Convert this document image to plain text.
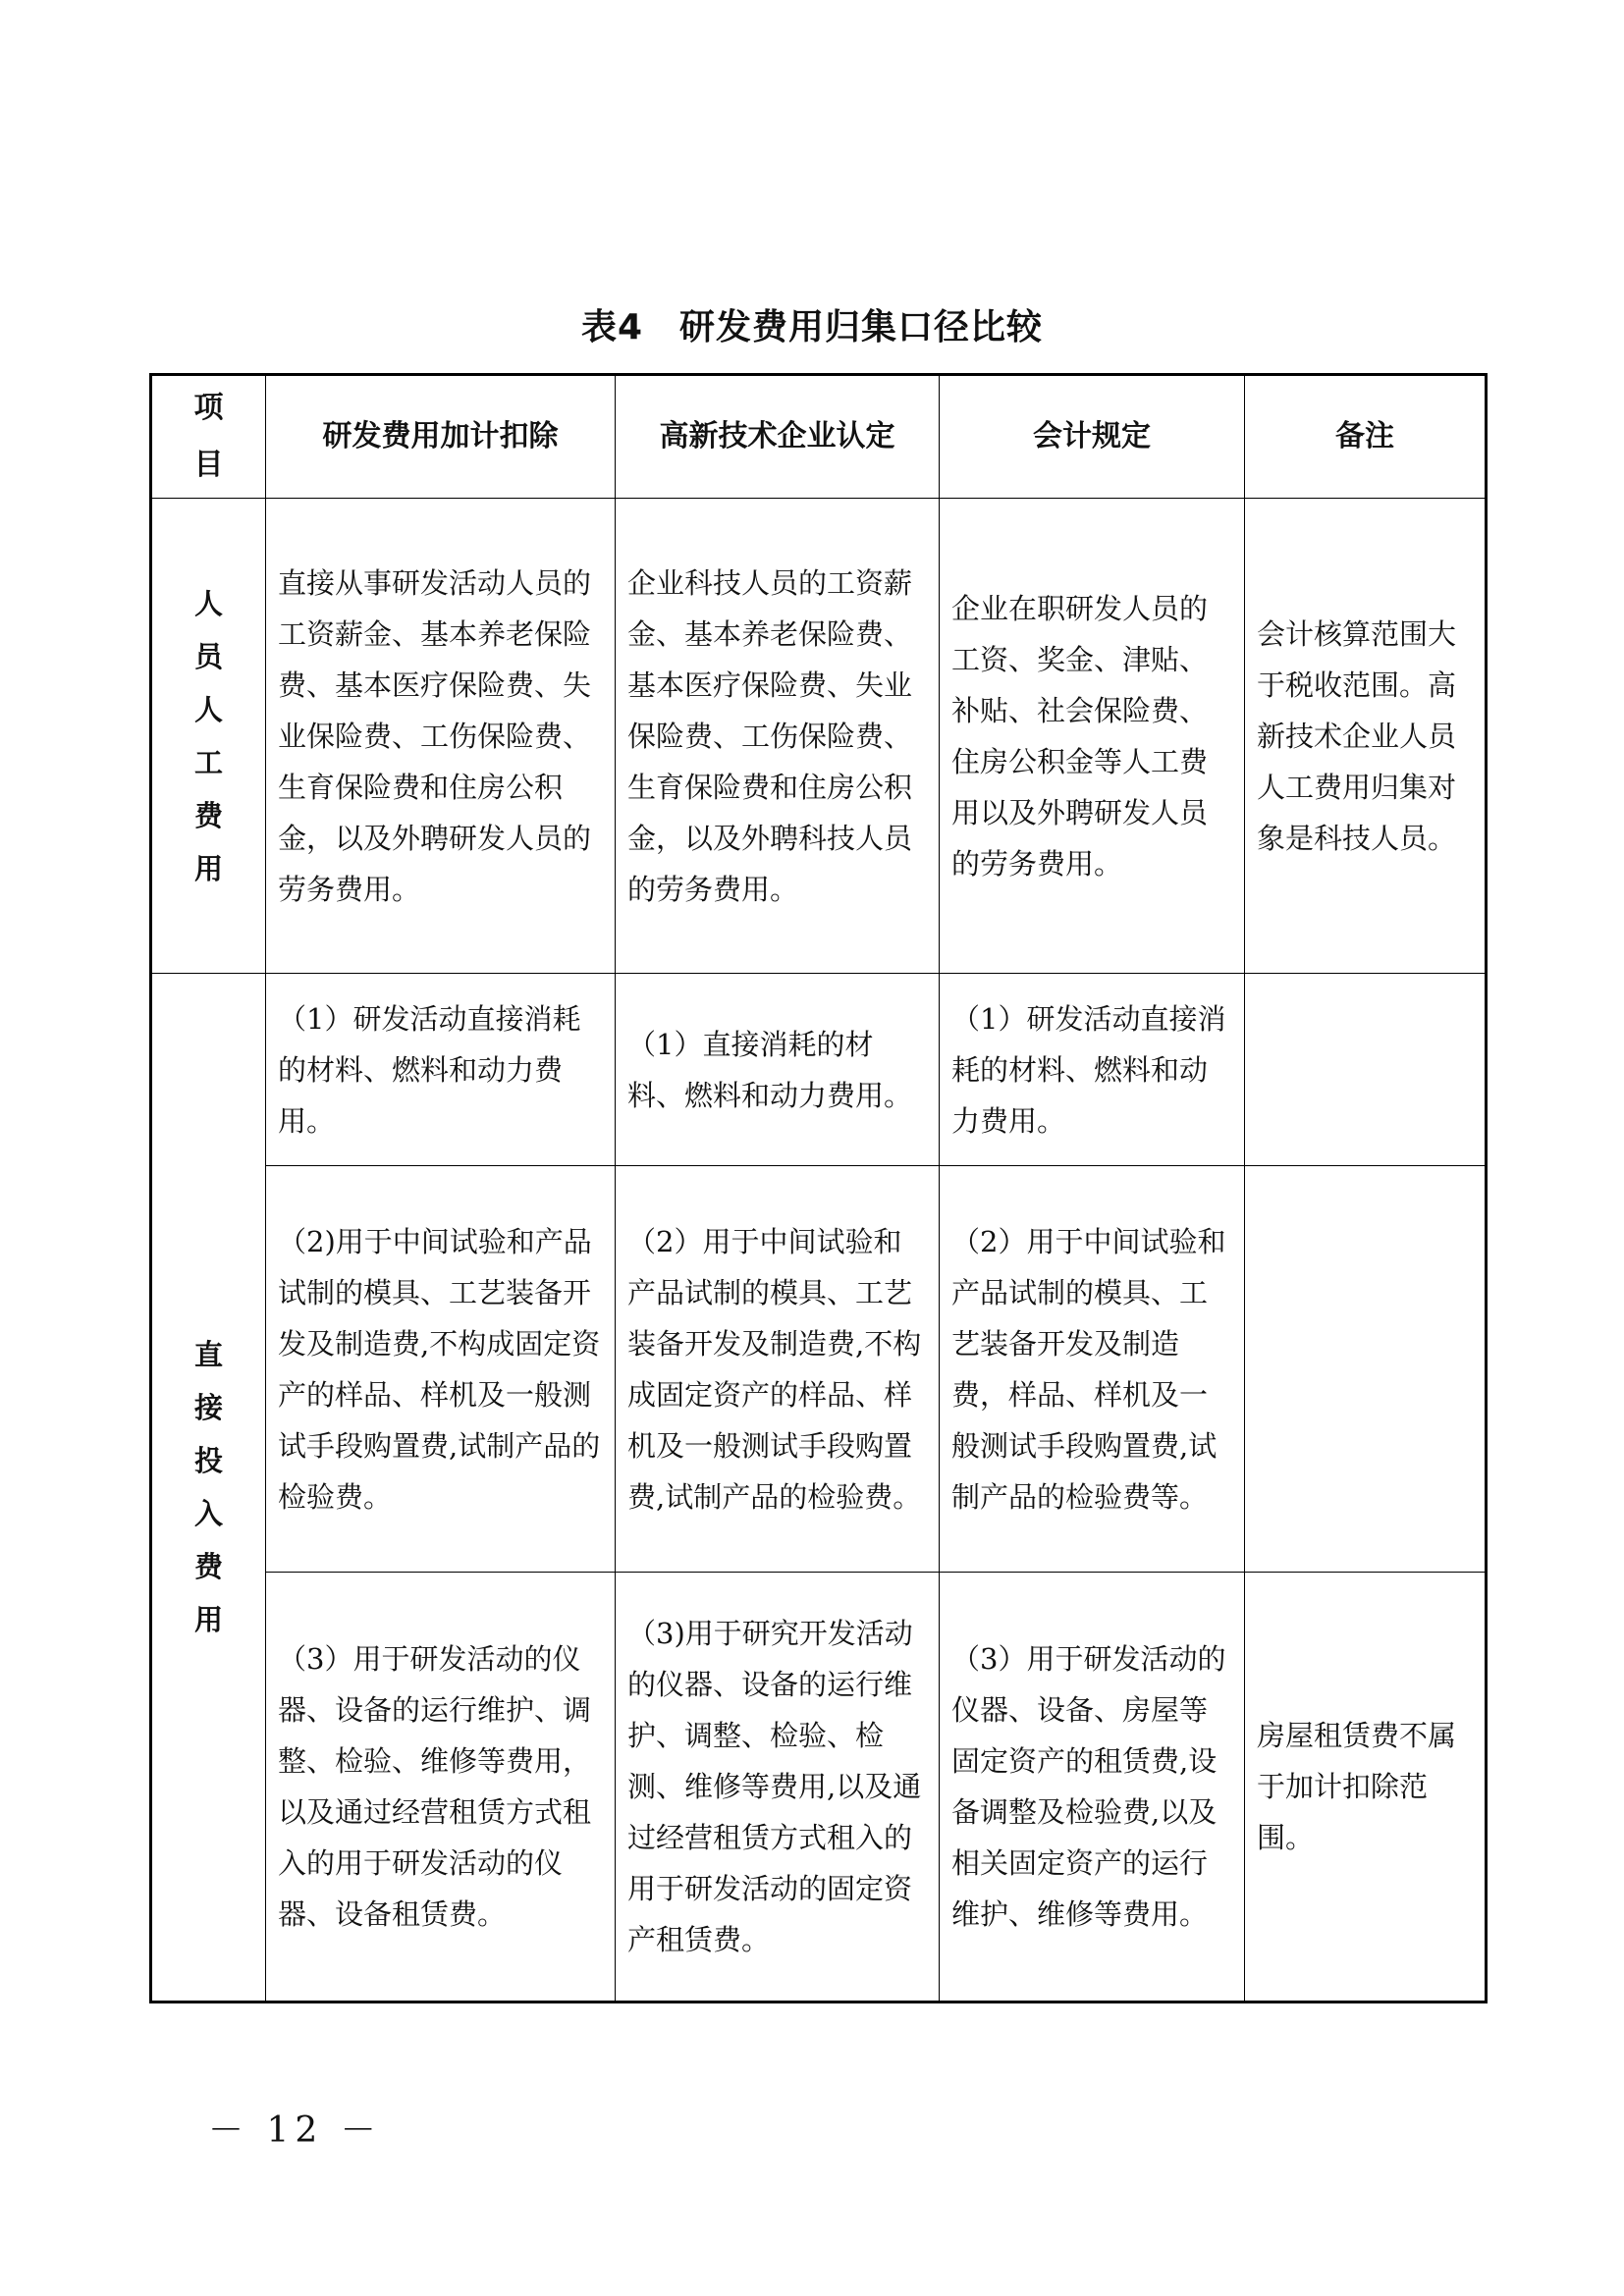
表4　研发费用归集口径比较
项目	研发费用加计扣除	高新技术企业认定	会计规定	备注
人员人工费用	直接从事研发活动人员的工资薪金、基本养老保险费、基本医疗保险费、失业保险费、工伤保险费、生育保险费和住房公积金，以及外聘研发人员的劳务费用。	企业科技人员的工资薪金、基本养老保险费、基本医疗保险费、失业保险费、工伤保险费、生育保险费和住房公积金，以及外聘科技人员的劳务费用。	企业在职研发人员的工资、奖金、津贴、补贴、社会保险费、住房公积金等人工费用以及外聘研发人员的劳务费用。	会计核算范围大于税收范围。高新技术企业人员人工费用归集对象是科技人员。
直接投入费用	（1）研发活动直接消耗的材料、燃料和动力费用。	（1）直接消耗的材料、燃料和动力费用。	（1）研发活动直接消耗的材料、燃料和动力费用。	
	（2)用于中间试验和产品试制的模具、工艺装备开发及制造费,不构成固定资产的样品、样机及一般测试手段购置费,试制产品的检验费。	（2）用于中间试验和产品试制的模具、工艺装备开发及制造费,不构成固定资产的样品、样机及一般测试手段购置费,试制产品的检验费。	（2）用于中间试验和产品试制的模具、工艺装备开发及制造费，样品、样机及一般测试手段购置费,试制产品的检验费等。	
	（3）用于研发活动的仪器、设备的运行维护、调整、检验、维修等费用，以及通过经营租赁方式租入的用于研发活动的仪器、设备租赁费。	（3)用于研究开发活动的仪器、设备的运行维护、调整、检验、检测、维修等费用,以及通过经营租赁方式租入的用于研发活动的固定资产租赁费。	（3）用于研发活动的仪器、设备、房屋等固定资产的租赁费,设备调整及检验费,以及相关固定资产的运行维护、维修等费用。	房屋租赁费不属于加计扣除范围。
－ 12 －
